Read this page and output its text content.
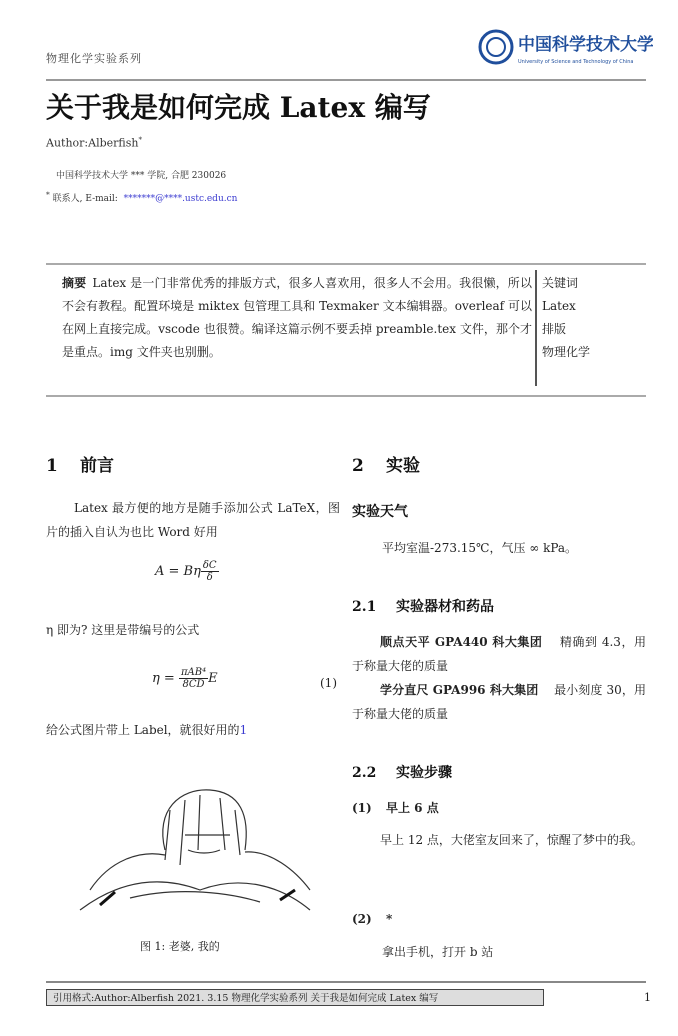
物理化学实验系列
中国科学技术大学
University of Science and Technology of China
关于我是如何完成 Latex 编写
Author:Alberfish*
中国科学技术大学 *** 学院, 合肥 230026
* 联系人, E-mail: *******@****.ustc.edu.cn
摘要 Latex 是一门非常优秀的排版方式，很多人喜欢用，很多人不会用。我很懒，所以不会有教程。配置环境是 miktex 包管理工具和 Texmaker 文本编辑器。overleaf 可以在网上直接完成。vscode 也很赞。编译这篇示例不要丢掉 preamble.tex 文件，那个才是重点。img 文件夹也别删。
关键词
Latex
排版
物理化学
1 前言
Latex 最方便的地方是随手添加公式 LaTeX，图片的插入自认为也比 Word 好用
A = Bη $\frac{\delta C}{\delta}$
η 即为? 这里是带编号的公式
$\eta = \frac{\text{πAB⁴}}{8CD}$ E	(1)
给公式图片带上 Label，就很好用的1
图 1: 老婆, 我的
2 实验
实验天气
平均室温-273.15℃，气压 ∞ kPa。
2.1 实验器材和药品
顺点天平 GPA440 科大集团 精确到 4.3，用于称量大佬的质量
学分直尺 GPA996 科大集团 最小刻度 30，用于称量大佬的质量
2.2 实验步骤
(1) 早上 6 点
早上 12 点，大佬室友回来了，惊醒了梦中的我。
(2) *
拿出手机，打开 b 站
引用格式:Author:Alberfish 2021. 3.15 物理化学实验系列 关于我是如何完成 Latex 编写	1
